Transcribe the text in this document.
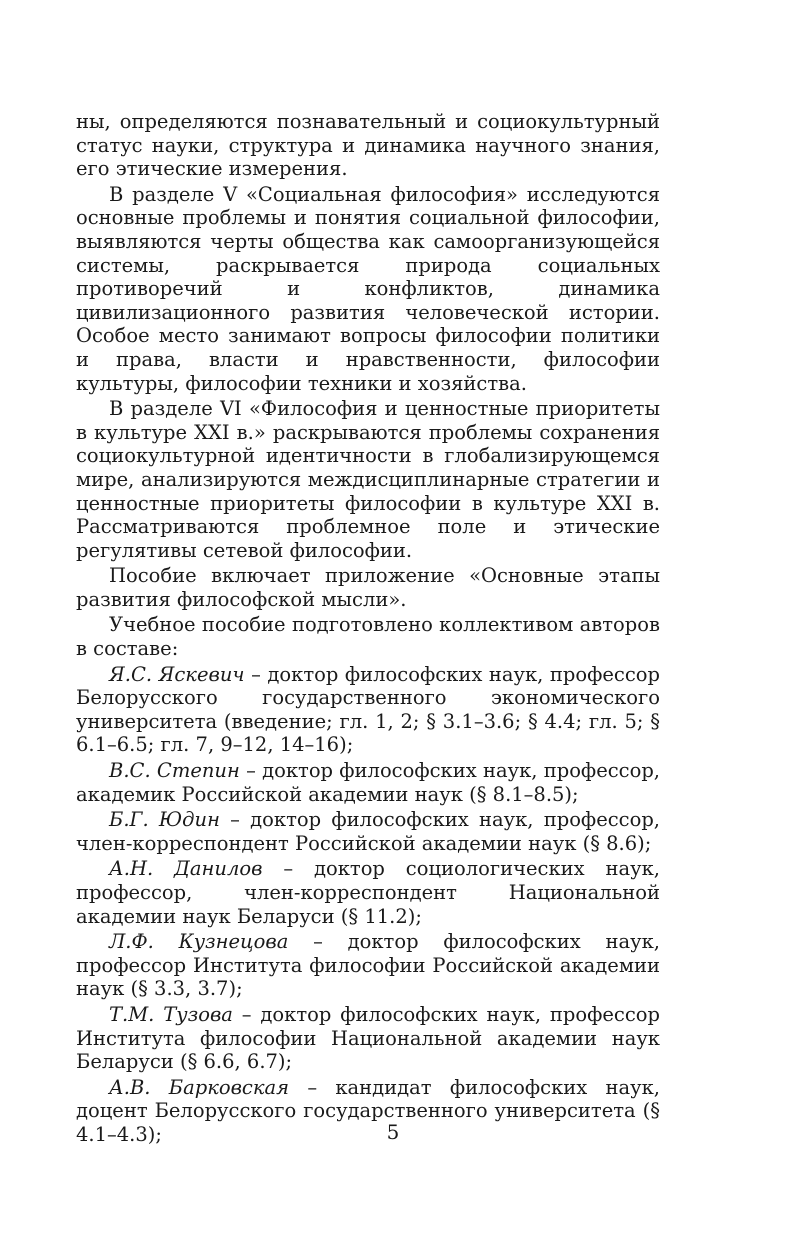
ны, определяются познавательный и социокультурный статус науки, структура и динамика научного знания, его этические измерения.

В разделе V «Социальная философия» исследуются основные проблемы и понятия социальной философии, выявляются черты общества как самоорганизующейся системы, раскрывается природа социальных противоречий и конфликтов, динамика цивилизационного развития человеческой истории. Особое место занимают вопросы философии политики и права, власти и нравственности, философии культуры, философии техники и хозяйства.

В разделе VI «Философия и ценностные приоритеты в культуре XXI в.» раскрываются проблемы сохранения социокультурной идентичности в глобализирующемся мире, анализируются междисциплинарные стратегии и ценностные приоритеты философии в культуре XXI в. Рассматриваются проблемное поле и этические регулятивы сетевой философии.

Пособие включает приложение «Основные этапы развития философской мысли».

Учебное пособие подготовлено коллективом авторов в составе:

Я.С. Яскевич – доктор философских наук, профессор Белорусского государственного экономического университета (введение; гл. 1, 2; § 3.1–3.6; § 4.4; гл. 5; § 6.1–6.5; гл. 7, 9–12, 14–16);

В.С. Степин – доктор философских наук, профессор, академик Российской академии наук (§ 8.1–8.5);

Б.Г. Юдин – доктор философских наук, профессор, член-корреспондент Российской академии наук (§ 8.6);

А.Н. Данилов – доктор социологических наук, профессор, член-корреспондент Национальной академии наук Беларуси (§ 11.2);

Л.Ф. Кузнецова – доктор философских наук, профессор Института философии Российской академии наук (§ 3.3, 3.7);

Т.М. Тузова – доктор философских наук, профессор Института философии Национальной академии наук Беларуси (§ 6.6, 6.7);

А.В. Барковская – кандидат философских наук, доцент Белорусского государственного университета (§ 4.1–4.3);	5
